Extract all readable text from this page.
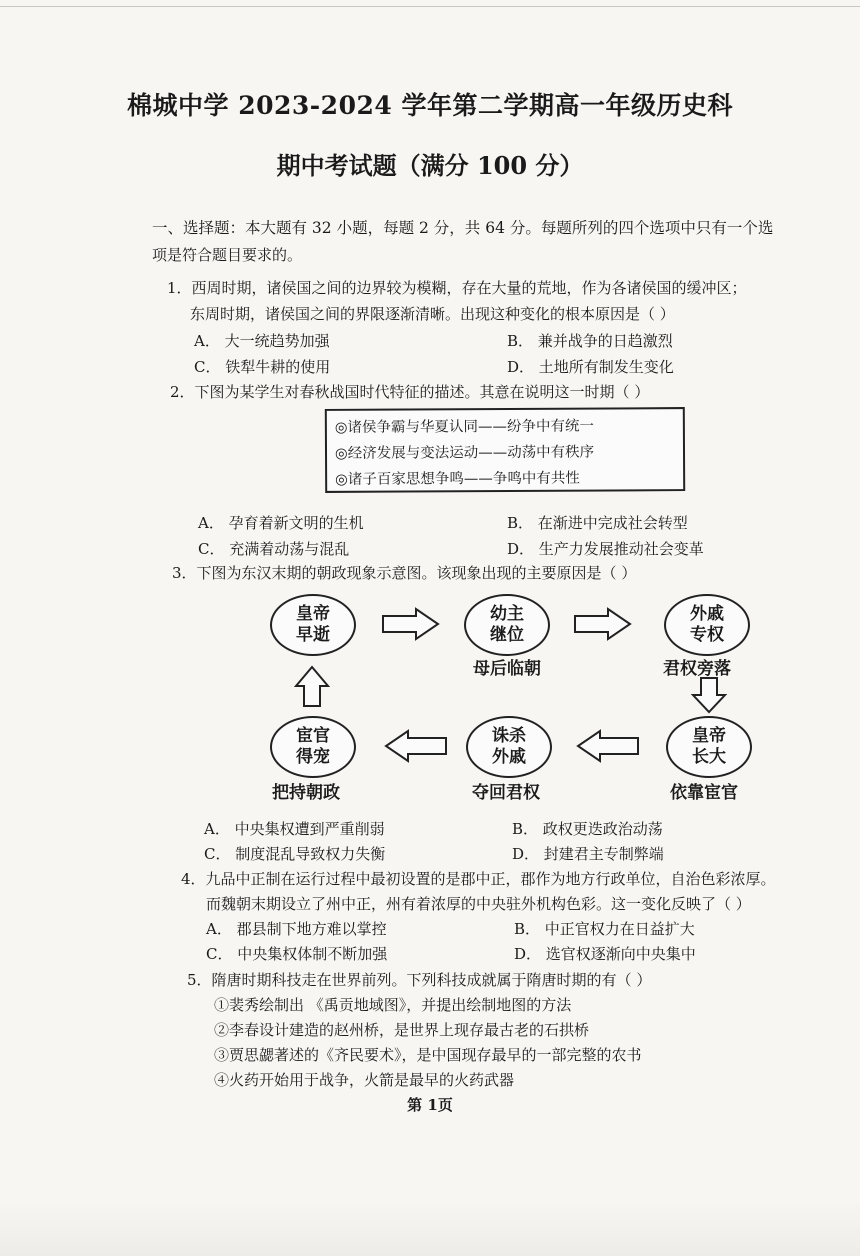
棉城中学 2023-2024 学年第二学期高一年级历史科
期中考试题（满分 100 分）
一、选择题：本大题有 32 小题，每题 2 分，共 64 分。每题所列的四个选项中只有一个选
项是符合题目要求的。
1．西周时期，诸侯国之间的边界较为模糊，存在大量的荒地，作为各诸侯国的缓冲区；
东周时期，诸侯国之间的界限逐渐清晰。出现这种变化的根本原因是（ ）
A． 大一统趋势加强	B． 兼并战争的日趋激烈
C． 铁犁牛耕的使用	D． 土地所有制发生变化
2．下图为某学生对春秋战国时代特征的描述。其意在说明这一时期（ ）
◎诸侯争霸与华夏认同——纷争中有统一
◎经济发展与变法运动——动荡中有秩序
◎诸子百家思想争鸣——争鸣中有共性
A． 孕育着新文明的生机	B． 在渐进中完成社会转型
C． 充满着动荡与混乱	D． 生产力发展推动社会变革
3．下图为东汉末期的朝政现象示意图。该现象出现的主要原因是（ ）
皇帝
早逝
幼主
继位
母后临朝
外戚
专权
君权旁落
皇帝
长大
依靠宦官
诛杀
外戚
夺回君权
宦官
得宠
把持朝政
A． 中央集权遭到严重削弱	B． 政权更迭政治动荡
C． 制度混乱导致权力失衡	D． 封建君主专制弊端
4．九品中正制在运行过程中最初设置的是郡中正，郡作为地方行政单位，自治色彩浓厚。
而魏朝末期设立了州中正，州有着浓厚的中央驻外机构色彩。这一变化反映了（ ）
A． 郡县制下地方难以掌控	B． 中正官权力在日益扩大
C． 中央集权体制不断加强	D． 选官权逐渐向中央集中
5．隋唐时期科技走在世界前列。下列科技成就属于隋唐时期的有（ ）
①裴秀绘制出 《禹贡地域图》，并提出绘制地图的方法
②李春设计建造的赵州桥，是世界上现存最古老的石拱桥
③贾思勰著述的《齐民要术》，是中国现存最早的一部完整的农书
④火药开始用于战争，火箭是最早的火药武器
第 1页
